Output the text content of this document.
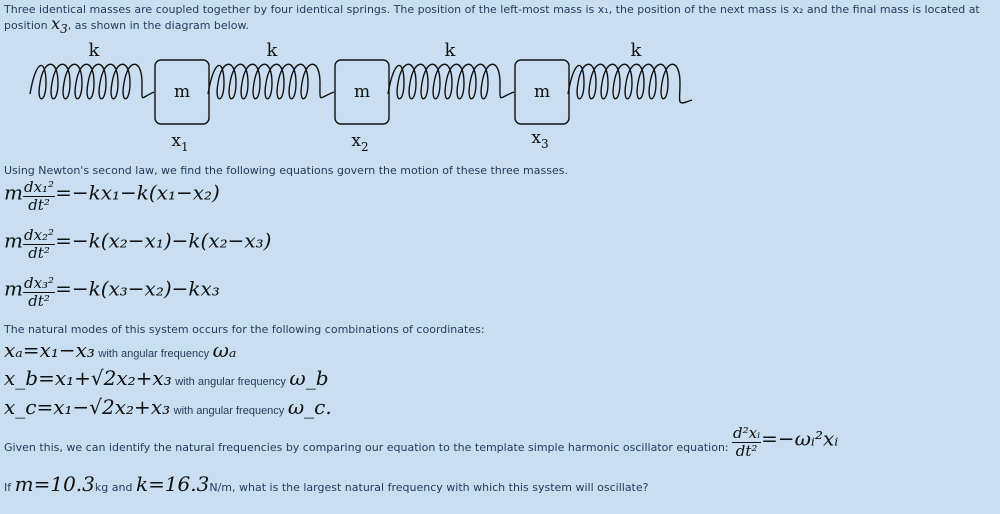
Three identical masses are coupled together by four identical springs. The position of the left-most mass is x₁, the position of the next mass is x₂ and the final mass is located at
position x3, as shown in the diagram below.
k	k	k	k
m	m	m
$x_1$	$x_2$	$x_3$
Using Newton's second law, we find the following equations govern the motion of these three masses.
m $\frac{\text{dx₁²}}{\text{dt²}} =-kx_1-k(x_1-x_2)$
m $\frac{\text{dx₂²}}{\text{dt²}} =-k(x_2-x_1)-k(x_2-x_3)$
m $\frac{\text{dx₃²}}{\text{dt²}} =-k(x_3-x_2)-kx_3$
The natural modes of this system occurs for the following combinations of coordinates:
xₐ=x₁−x₃ with angular frequency ωₐ
x_b=x₁+√2x₂+x₃ with angular frequency ω_b
x_c=x₁−√2x₂+x₃ with angular frequency ω_c.
Given this, we can identify the natural frequencies by comparing our equation to the template simple harmonic oscillator equation: $\frac{\text{d²xᵢ}}{\text{dt²}}$ =−ωᵢ²xᵢ
If m=10.3kg and k=16.3N/m, what is the largest natural frequency with which this system will oscillate?
